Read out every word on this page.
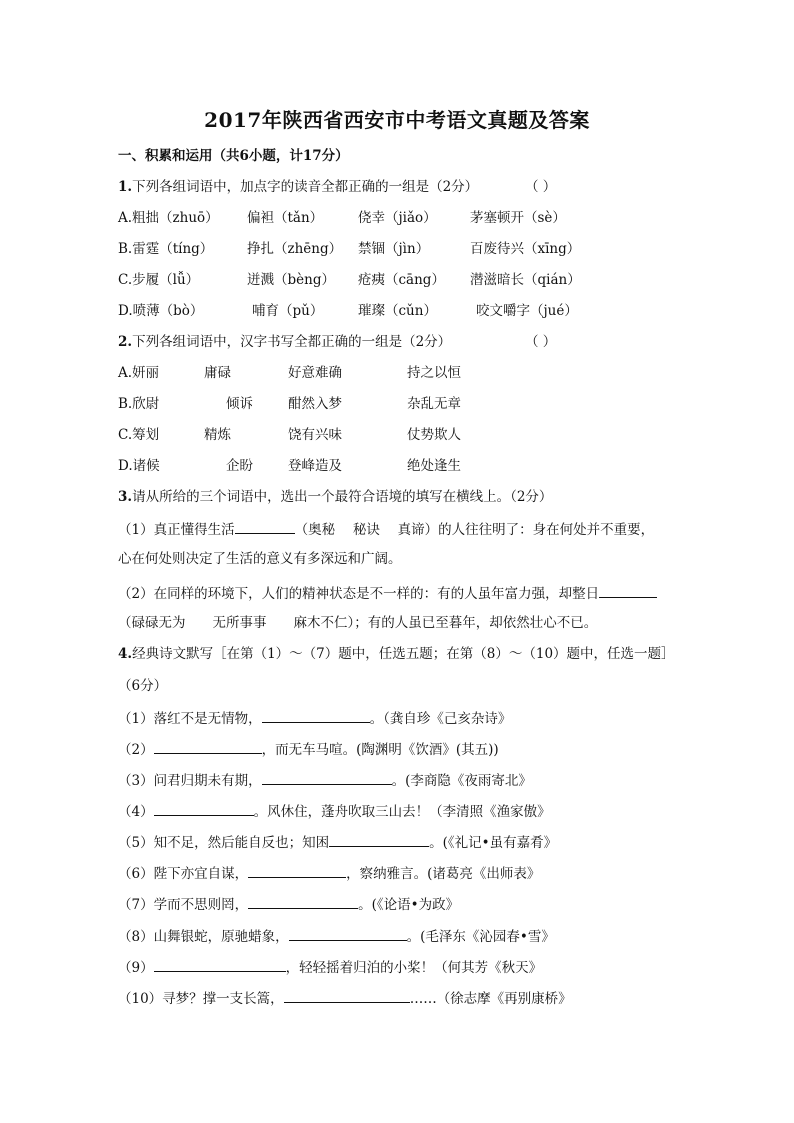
2017年陕西省西安市中考语文真题及答案
一、积累和运用（共6小题，计17分）
1.下列各组词语中，加点字的读音全都正确的一组是（2分）	（ ）
A.粗拙（zhuō） 偏袒（tǎn）	侥幸（jiǎo） 茅塞顿开（sè）
B.雷霆（tíng） 挣扎（zhēng） 禁锢（jìn）	百废待兴（xīng）
C.步履（lǚ）	迸溅（bèng） 疮痍（cāng） 潜滋暗长（qián）
D.喷薄（bò）	哺育（pǔ）	璀璨（cǔn）	咬文嚼字（jué）
2.下列各组词语中，汉字书写全都正确的一组是（2分）	（ ）
A.妍丽	庸碌	好意难确	持之以恒
B.欣尉	倾诉	酣然入梦	杂乱无章
C.筹划	精炼	饶有兴味	仗势欺人
D.诸候	企盼	登峰造及	绝处逢生
3.请从所给的三个词语中，选出一个最符合语境的填写在横线上。（2分）
（1）真正懂得生活	（奥秘　 秘诀　 真谛）的人往往明了：身在何处并不重要，
心在何处则决定了生活的意义有多深远和广阔。
（2）在同样的环境下，人们的精神状态是不一样的：有的人虽年富力强，却整日
（碌碌无为　　无所事事　　麻木不仁）；有的人虽已至暮年，却依然壮心不已。
4.经典诗文默写［在第（1）～（7）题中，任选五题；在第（8）～（10）题中，任选一题］
（6分）
（1）落红不是无情物，	。（龚自珍《己亥杂诗》
（2）	，而无车马喧。(陶渊明《饮酒》(其五))
（3）问君归期未有期，	。(李商隐《夜雨寄北》
（4）	。风休住，蓬舟吹取三山去！（李清照《渔家傲》
（5）知不足，然后能自反也；知困	。(《礼记•虽有嘉肴》
（6）陛下亦宜自谋，	，察纳雅言。(诸葛亮《出师表》
（7）学而不思则罔，	。(《论语•为政》
（8）山舞银蛇，原驰蜡象，	。(毛泽东《沁园春•雪》
（9）	，轻轻摇着归泊的小桨！（何其芳《秋天》
（10）寻梦？撑一支长篙，	……（徐志摩《再别康桥》
